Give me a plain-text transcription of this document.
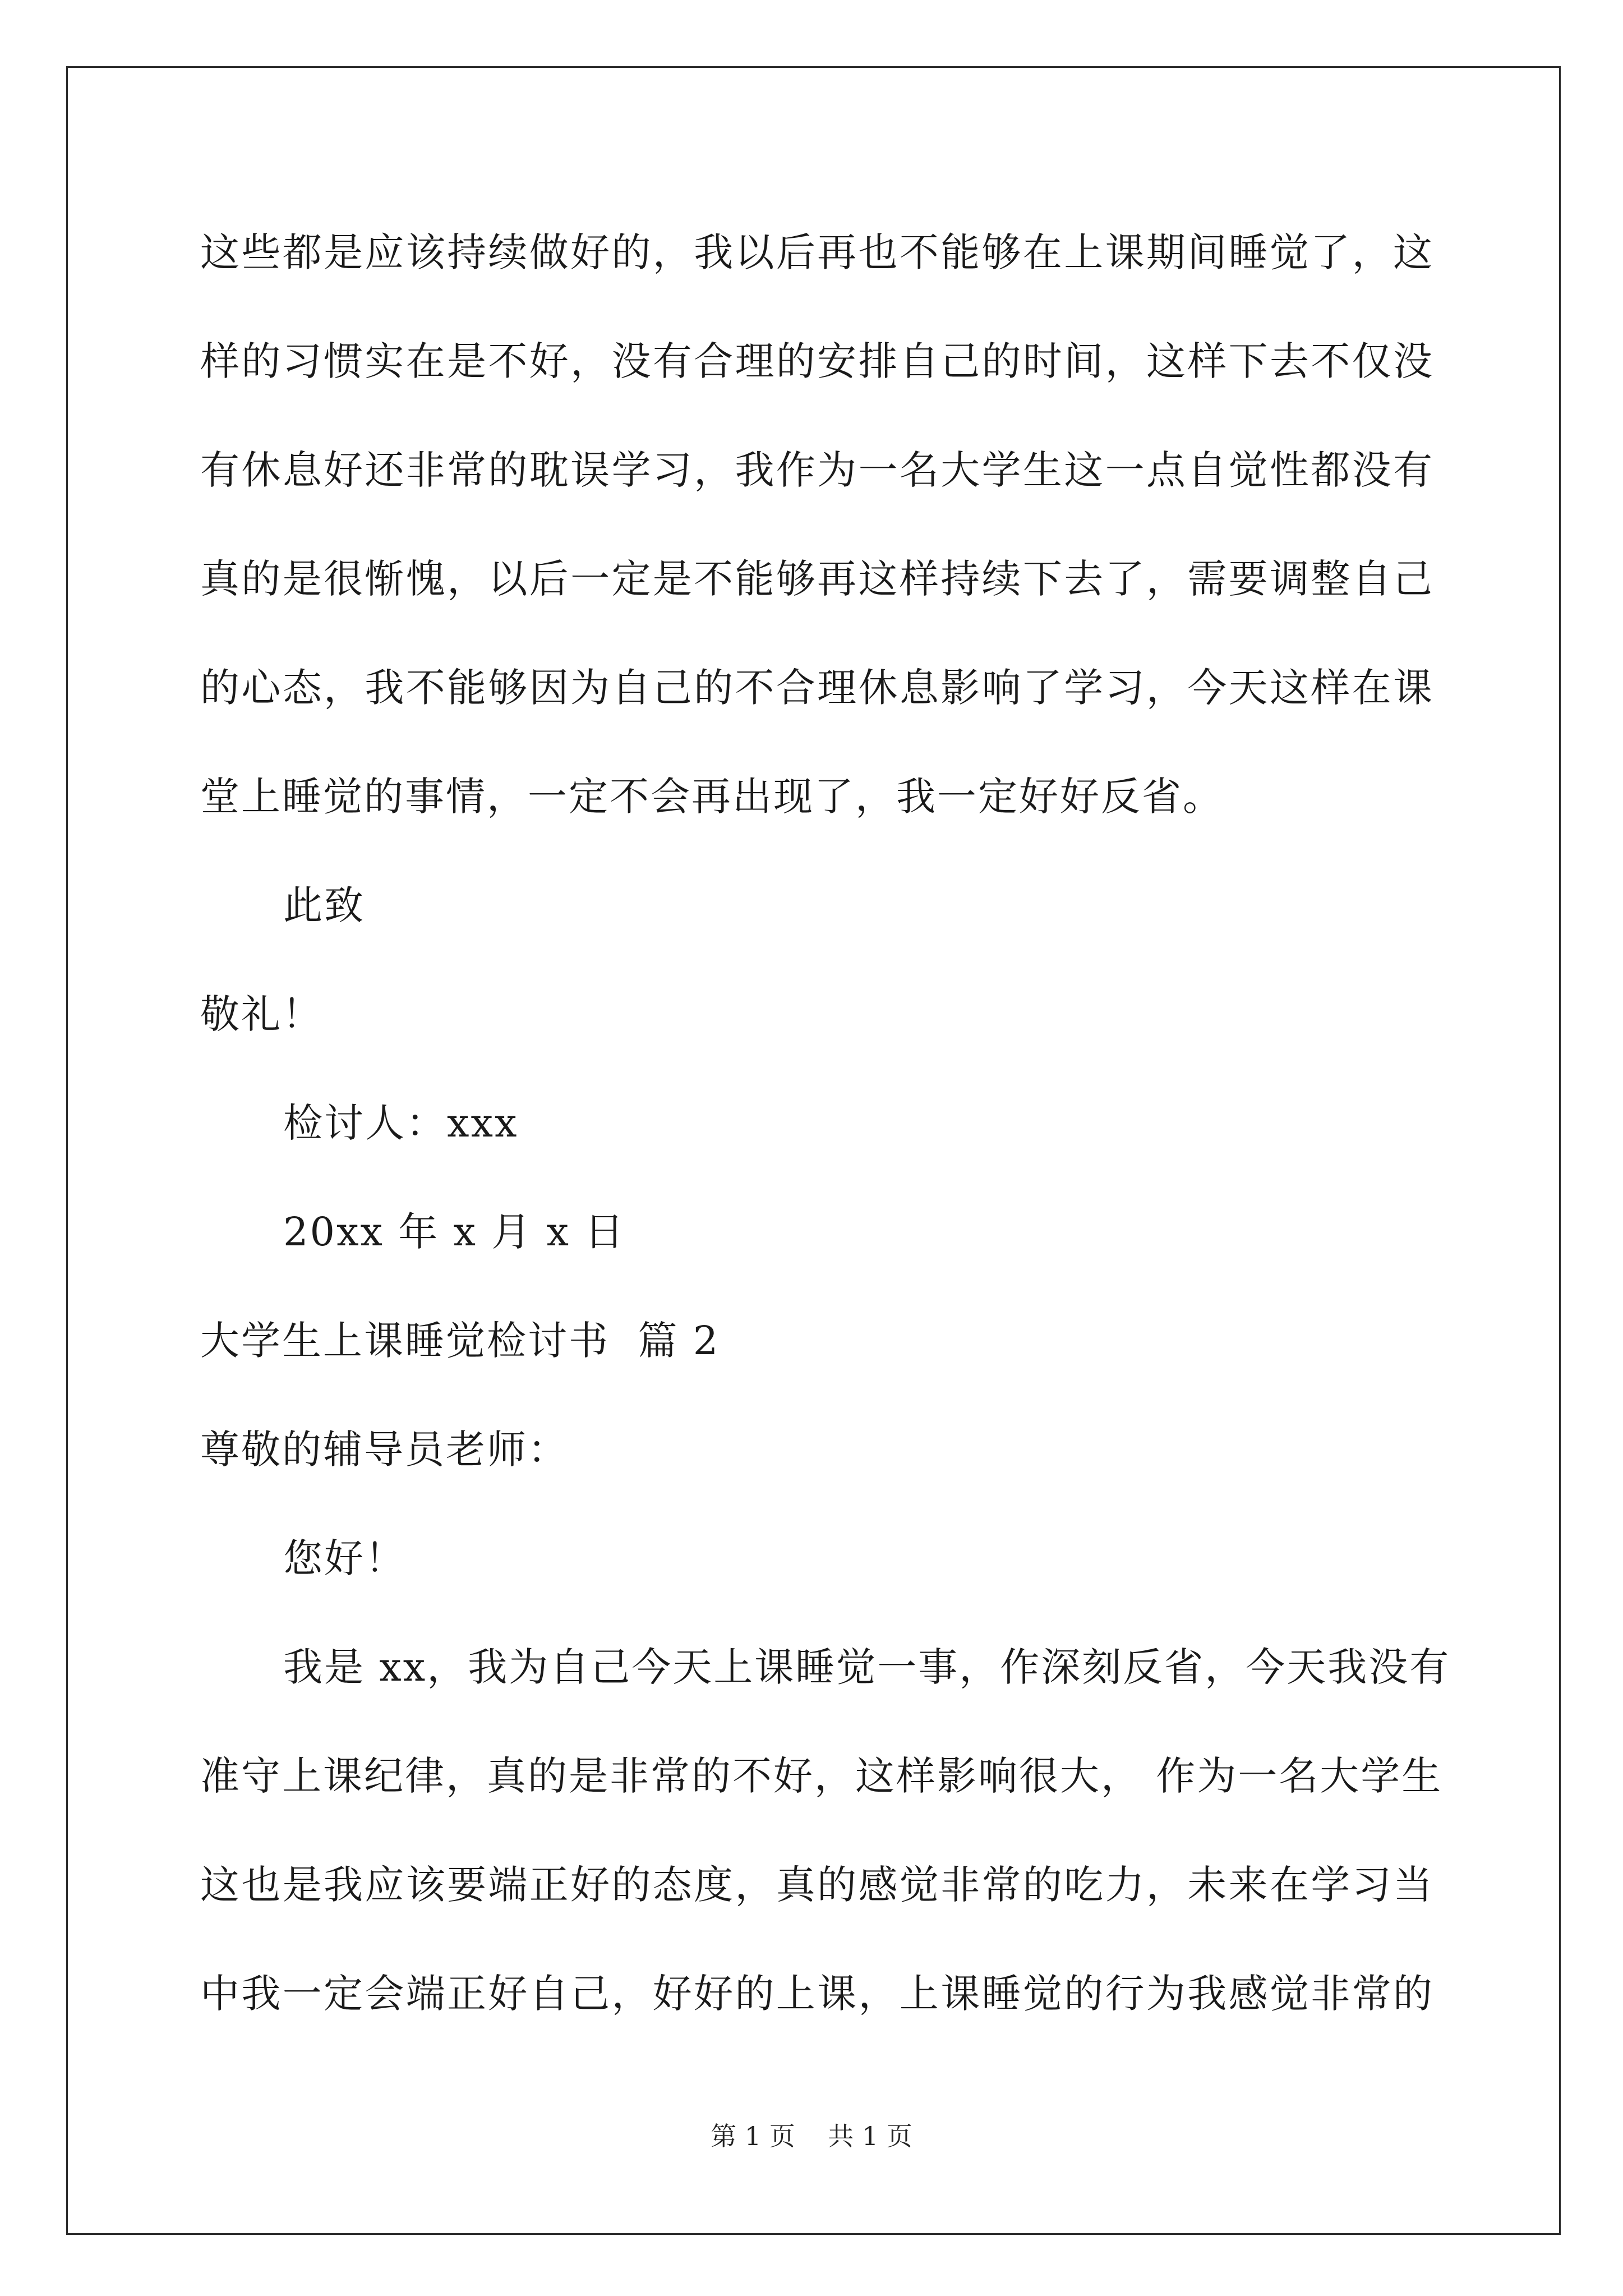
这些都是应该持续做好的，我以后再也不能够在上课期间睡觉了，这
样的习惯实在是不好，没有合理的安排自己的时间，这样下去不仅没
有休息好还非常的耽误学习，我作为一名大学生这一点自觉性都没有
真的是很惭愧，以后一定是不能够再这样持续下去了，需要调整自己
的心态，我不能够因为自己的不合理休息影响了学习，今天这样在课
堂上睡觉的事情，一定不会再出现了，我一定好好反省。
此致
敬礼！
检讨人：xxx
20xx 年 x 月 x 日
大学生上课睡觉检讨书  篇 2
尊敬的辅导员老师：
您好！
我是 xx，我为自己今天上课睡觉一事，作深刻反省，今天我没有
准守上课纪律，真的是非常的不好，这样影响很大， 作为一名大学生
这也是我应该要端正好的态度，真的感觉非常的吃力，未来在学习当
中我一定会端正好自己，好好的上课，上课睡觉的行为我感觉非常的
第 1 页    共 1 页
